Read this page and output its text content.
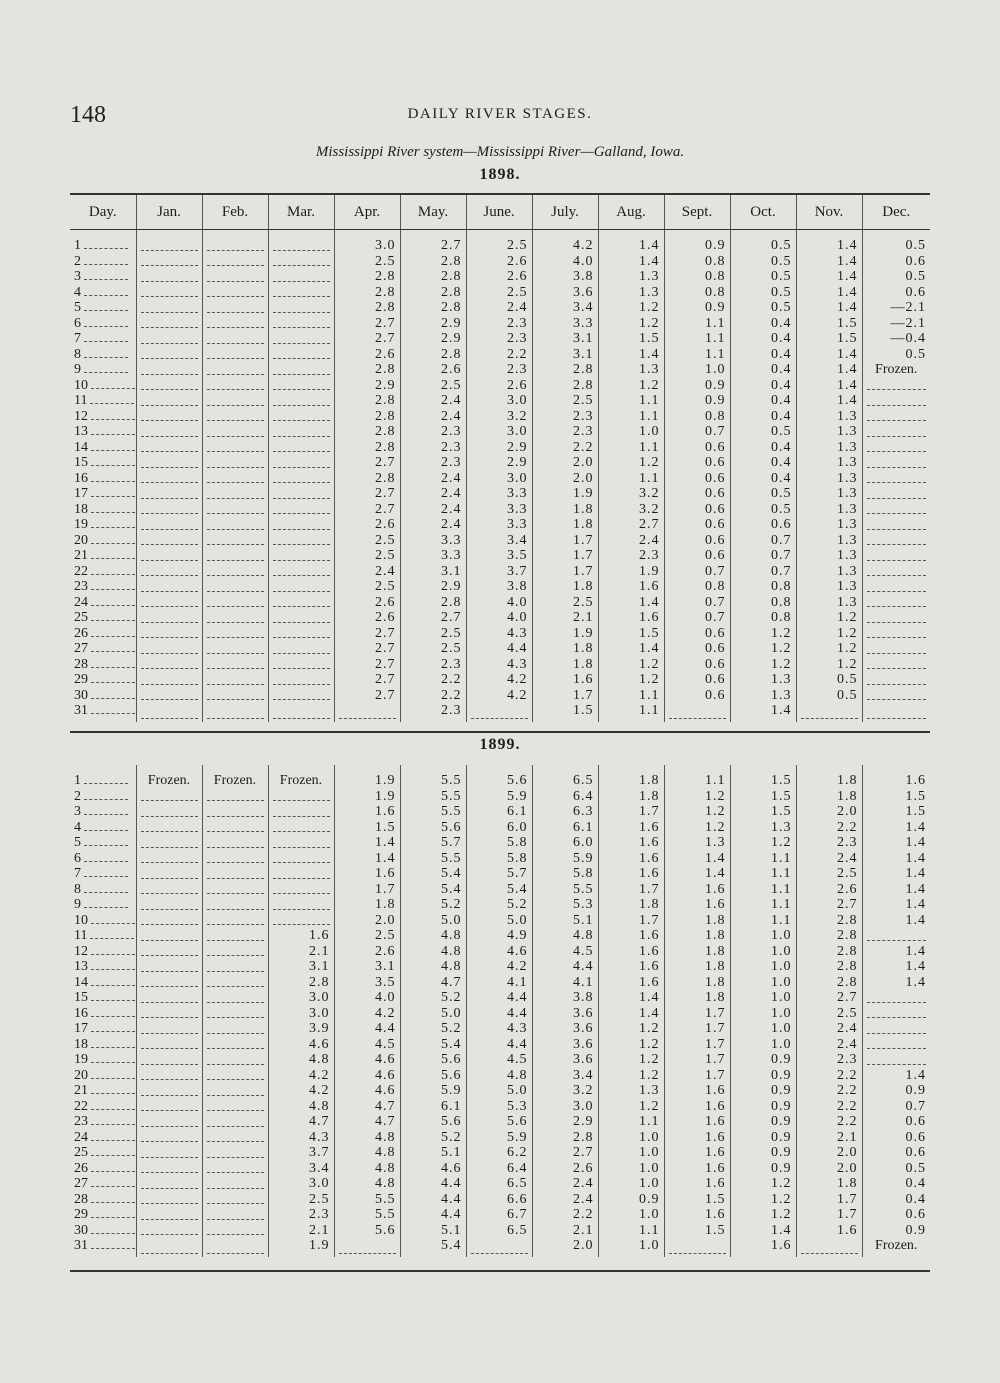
148	DAILY RIVER STAGES.
Mississippi River system—Mississippi River—Galland, Iowa.
1898.
Day.	Jan.	Feb.	Mar.	Apr.	May.	June.	July.	Aug.	Sept.	Oct.	Nov.	Dec.
1				3.0	2.7	2.5	4.2	1.4	0.9	0.5	1.4	0.5
2				2.5	2.8	2.6	4.0	1.4	0.8	0.5	1.4	0.6
3				2.8	2.8	2.6	3.8	1.3	0.8	0.5	1.4	0.5
4				2.8	2.8	2.5	3.6	1.3	0.8	0.5	1.4	0.6
5				2.8	2.8	2.4	3.4	1.2	0.9	0.5	1.4	—2.1
6				2.7	2.9	2.3	3.3	1.2	1.1	0.4	1.5	—2.1
7				2.7	2.9	2.3	3.1	1.5	1.1	0.4	1.5	—0.4
8				2.6	2.8	2.2	3.1	1.4	1.1	0.4	1.4	0.5
9				2.8	2.6	2.3	2.8	1.3	1.0	0.4	1.4	Frozen.
10				2.9	2.5	2.6	2.8	1.2	0.9	0.4	1.4	
11				2.8	2.4	3.0	2.5	1.1	0.9	0.4	1.4	
12				2.8	2.4	3.2	2.3	1.1	0.8	0.4	1.3	
13				2.8	2.3	3.0	2.3	1.0	0.7	0.5	1.3	
14				2.8	2.3	2.9	2.2	1.1	0.6	0.4	1.3	
15				2.7	2.3	2.9	2.0	1.2	0.6	0.4	1.3	
16				2.8	2.4	3.0	2.0	1.1	0.6	0.4	1.3	
17				2.7	2.4	3.3	1.9	3.2	0.6	0.5	1.3	
18				2.7	2.4	3.3	1.8	3.2	0.6	0.5	1.3	
19				2.6	2.4	3.3	1.8	2.7	0.6	0.6	1.3	
20				2.5	3.3	3.4	1.7	2.4	0.6	0.7	1.3	
21				2.5	3.3	3.5	1.7	2.3	0.6	0.7	1.3	
22				2.4	3.1	3.7	1.7	1.9	0.7	0.7	1.3	
23				2.5	2.9	3.8	1.8	1.6	0.8	0.8	1.3	
24				2.6	2.8	4.0	2.5	1.4	0.7	0.8	1.3	
25				2.6	2.7	4.0	2.1	1.6	0.7	0.8	1.2	
26				2.7	2.5	4.3	1.9	1.5	0.6	1.2	1.2	
27				2.7	2.5	4.4	1.8	1.4	0.6	1.2	1.2	
28				2.7	2.3	4.3	1.8	1.2	0.6	1.2	1.2	
29				2.7	2.2	4.2	1.6	1.2	0.6	1.3	0.5	
30				2.7	2.2	4.2	1.7	1.1	0.6	1.3	0.5	
31					2.3		1.5	1.1		1.4		
1899.
1	Frozen.	Frozen.	Frozen.	1.9	5.5	5.6	6.5	1.8	1.1	1.5	1.8	1.6
2				1.9	5.5	5.9	6.4	1.8	1.2	1.5	1.8	1.5
3				1.6	5.5	6.1	6.3	1.7	1.2	1.5	2.0	1.5
4				1.5	5.6	6.0	6.1	1.6	1.2	1.3	2.2	1.4
5				1.4	5.7	5.8	6.0	1.6	1.3	1.2	2.3	1.4
6				1.4	5.5	5.8	5.9	1.6	1.4	1.1	2.4	1.4
7				1.6	5.4	5.7	5.8	1.6	1.4	1.1	2.5	1.4
8				1.7	5.4	5.4	5.5	1.7	1.6	1.1	2.6	1.4
9				1.8	5.2	5.2	5.3	1.8	1.6	1.1	2.7	1.4
10				2.0	5.0	5.0	5.1	1.7	1.8	1.1	2.8	1.4
11			1.6	2.5	4.8	4.9	4.8	1.6	1.8	1.0	2.8	
12			2.1	2.6	4.8	4.6	4.5	1.6	1.8	1.0	2.8	1.4
13			3.1	3.1	4.8	4.2	4.4	1.6	1.8	1.0	2.8	1.4
14			2.8	3.5	4.7	4.1	4.1	1.6	1.8	1.0	2.8	1.4
15			3.0	4.0	5.2	4.4	3.8	1.4	1.8	1.0	2.7	
16			3.0	4.2	5.0	4.4	3.6	1.4	1.7	1.0	2.5	
17			3.9	4.4	5.2	4.3	3.6	1.2	1.7	1.0	2.4	
18			4.6	4.5	5.4	4.4	3.6	1.2	1.7	1.0	2.4	
19			4.8	4.6	5.6	4.5	3.6	1.2	1.7	0.9	2.3	
20			4.2	4.6	5.6	4.8	3.4	1.2	1.7	0.9	2.2	1.4
21			4.2	4.6	5.9	5.0	3.2	1.3	1.6	0.9	2.2	0.9
22			4.8	4.7	6.1	5.3	3.0	1.2	1.6	0.9	2.2	0.7
23			4.7	4.7	5.6	5.6	2.9	1.1	1.6	0.9	2.2	0.6
24			4.3	4.8	5.2	5.9	2.8	1.0	1.6	0.9	2.1	0.6
25			3.7	4.8	5.1	6.2	2.7	1.0	1.6	0.9	2.0	0.6
26			3.4	4.8	4.6	6.4	2.6	1.0	1.6	0.9	2.0	0.5
27			3.0	4.8	4.4	6.5	2.4	1.0	1.6	1.2	1.8	0.4
28			2.5	5.5	4.4	6.6	2.4	0.9	1.5	1.2	1.7	0.4
29			2.3	5.5	4.4	6.7	2.2	1.0	1.6	1.2	1.7	0.6
30			2.1	5.6	5.1	6.5	2.1	1.1	1.5	1.4	1.6	0.9
31			1.9		5.4		2.0	1.0		1.6		Frozen.
